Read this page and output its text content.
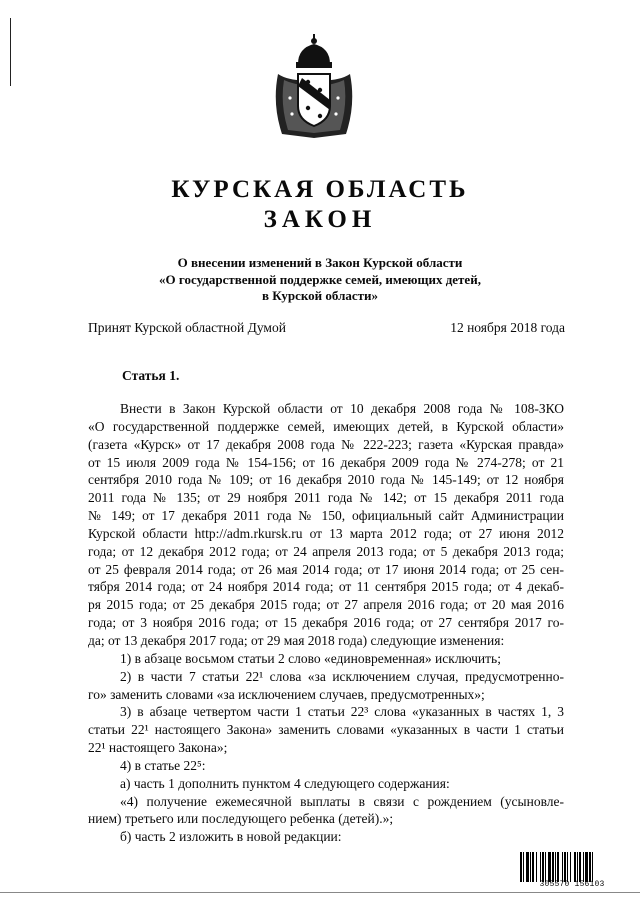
КУРСКАЯ ОБЛАСТЬ
ЗАКОН
О внесении изменений в Закон Курской области
«О государственной поддержке семей, имеющих детей,
в Курской области»
Принят Курской областной Думой	12 ноября 2018 года
Статья 1.
Внести в Закон Курской области от 10 декабря 2008 года № 108-ЗКО
«О государственной поддержке семей, имеющих детей, в Курской области»
(газета «Курск» от 17 декабря 2008 года № 222-223; газета «Курская правда»
от 15 июля 2009 года № 154-156; от 16 декабря 2009 года № 274-278; от 21
сентября 2010 года № 109; от 16 декабря 2010 года № 145-149; от 12 ноября
2011 года № 135; от 29 ноября 2011 года № 142; от 15 декабря 2011 года
№ 149; от 17 декабря 2011 года № 150, официальный сайт Администрации
Курской области http://adm.rkursk.ru от 13 марта 2012 года; от 27 июня 2012
года; от 12 декабря 2012 года; от 24 апреля 2013 года; от 5 декабря 2013 года;
от 25 февраля 2014 года; от 26 мая 2014 года; от 17 июня 2014 года; от 25 сен-
тября 2014 года; от 24 ноября 2014 года; от 11 сентября 2015 года; от 4 декаб-
ря 2015 года; от 25 декабря 2015 года; от 27 апреля 2016 года; от 20 мая 2016
года; от 3 ноября 2016 года; от 15 декабря 2016 года; от 27 сентября 2017 го-
да; от 13 декабря 2017 года; от 29 мая 2018 года) следующие изменения:
1) в абзаце восьмом статьи 2 слово «единовременная» исключить;
2) в части 7 статьи 22¹ слова «за исключением случая, предусмотренно-
го» заменить словами «за исключением случаев, предусмотренных»;
3) в абзаце четвертом части 1 статьи 22³ слова «указанных в частях 1, 3
статьи 22¹ настоящего Закона» заменить словами «указанных в части 1 статьи
22¹ настоящего Закона»;
4) в статье 22⁵:
а) часть 1 дополнить пунктом 4 следующего содержания:
«4) получение ежемесячной выплаты в связи с рождением (усыновле-
нием) третьего или последующего ребенка (детей).»;
б) часть 2 изложить в новой редакции:
305570 156103
